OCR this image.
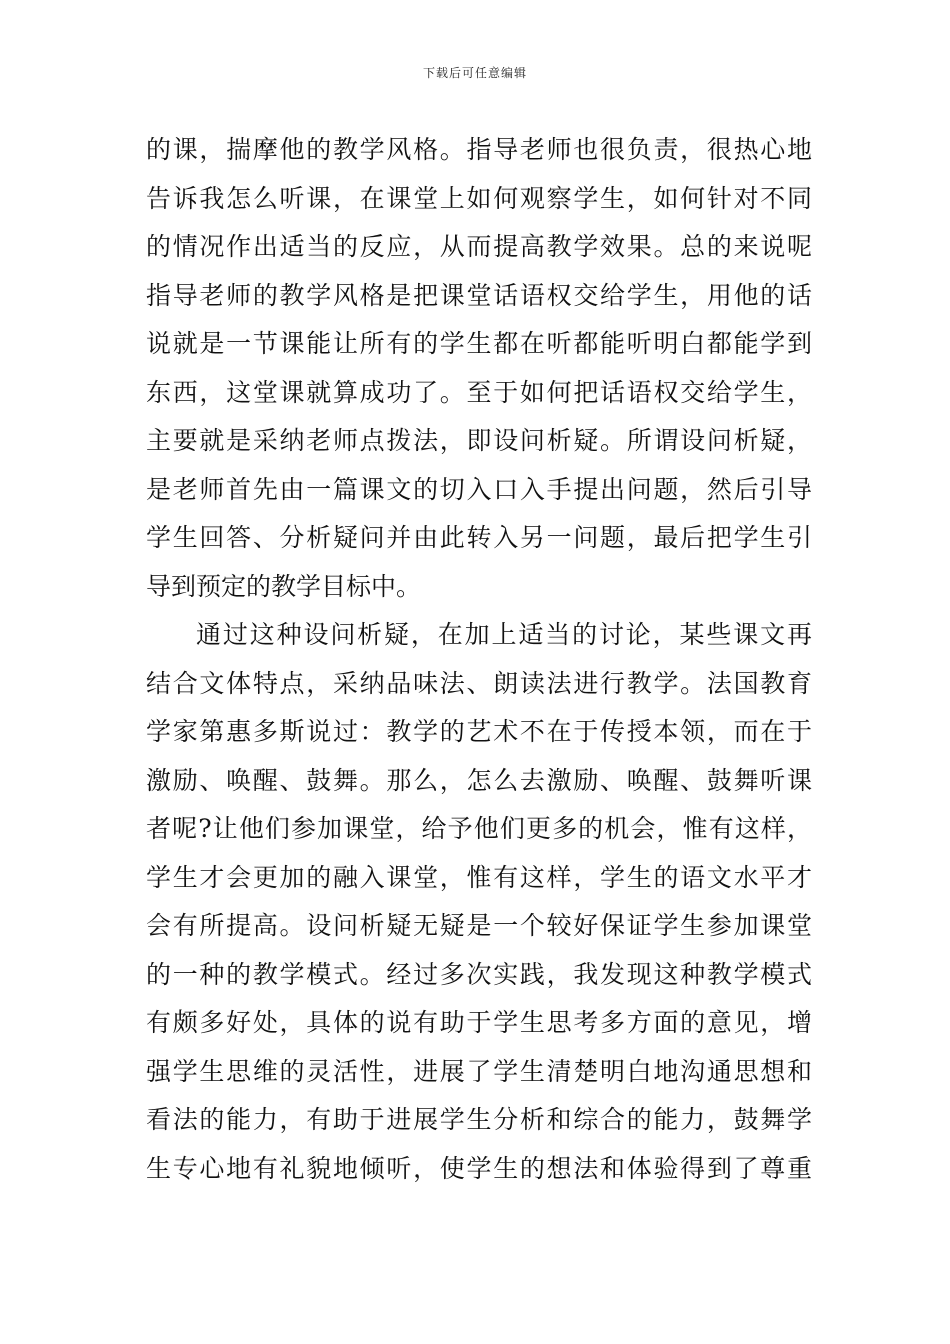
下载后可任意编辑
的课，揣摩他的教学风格。指导老师也很负责，很热心地
告诉我怎么听课，在课堂上如何观察学生，如何针对不同
的情况作出适当的反应，从而提高教学效果。总的来说呢
指导老师的教学风格是把课堂话语权交给学生，用他的话
说就是一节课能让所有的学生都在听都能听明白都能学到
东西，这堂课就算成功了。至于如何把话语权交给学生，
主要就是采纳老师点拨法，即设问析疑。所谓设问析疑，
是老师首先由一篇课文的切入口入手提出问题，然后引导
学生回答、分析疑问并由此转入另一问题，最后把学生引
导到预定的教学目标中。
通过这种设问析疑，在加上适当的讨论，某些课文再
结合文体特点，采纳品味法、朗读法进行教学。法国教育
学家第惠多斯说过：教学的艺术不在于传授本领，而在于
激励、唤醒、鼓舞。那么，怎么去激励、唤醒、鼓舞听课
者呢?让他们参加课堂，给予他们更多的机会，惟有这样，
学生才会更加的融入课堂，惟有这样，学生的语文水平才
会有所提高。设问析疑无疑是一个较好保证学生参加课堂
的一种的教学模式。经过多次实践，我发现这种教学模式
有颇多好处，具体的说有助于学生思考多方面的意见，增
强学生思维的灵活性，进展了学生清楚明白地沟通思想和
看法的能力，有助于进展学生分析和综合的能力，鼓舞学
生专心地有礼貌地倾听，使学生的想法和体验得到了尊重
